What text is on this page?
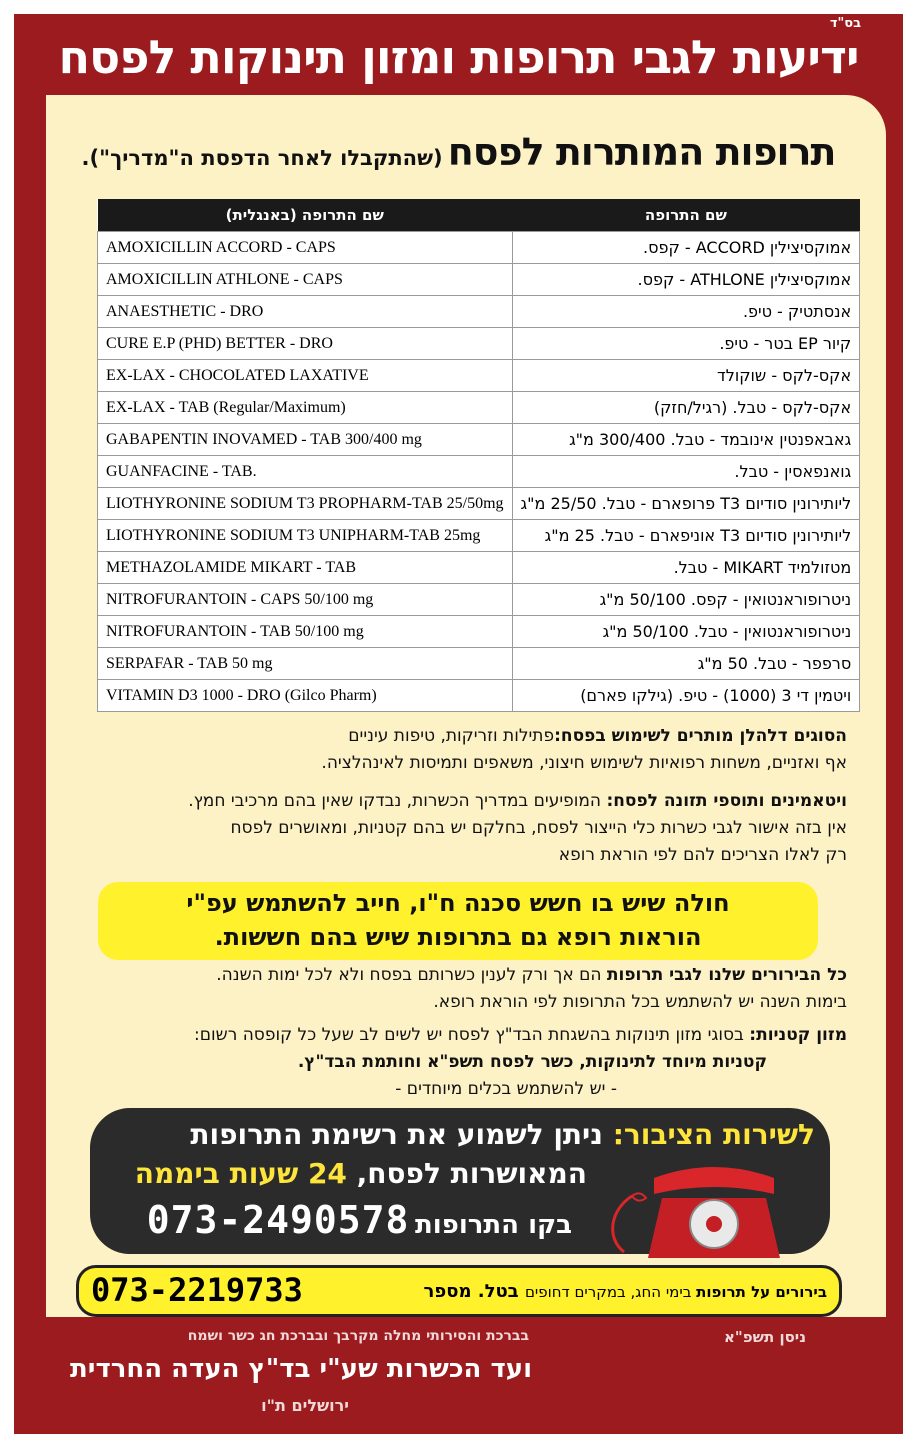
בס"ד
ידיעות לגבי תרופות ומזון תינוקות לפסח
תרופות המותרות לפסח (שהתקבלו לאחר הדפסת ה"מדריך").
שם התרופה (באנגלית)	שם התרופה
AMOXICILLIN ACCORD - CAPS	אמוקסיצילין ACCORD - קפס.
AMOXICILLIN ATHLONE - CAPS	אמוקסיצילין ATHLONE - קפס.
ANAESTHETIC - DRO	אנסתטיק - טיפ.
CURE E.P (PHD) BETTER - DRO	קיור EP בטר - טיפ.
EX-LAX - CHOCOLATED LAXATIVE	אקס-לקס - שוקולד
EX-LAX - TAB (Regular/Maximum)	אקס-לקס - טבל. (רגיל/חזק)
GABAPENTIN INOVAMED - TAB 300/400 mg	גאבאפנטין אינובמד - טבל. 300/400 מ"ג
GUANFACINE - TAB.	גואנפאסין - טבל.
LIOTHYRONINE SODIUM T3 PROPHARM-TAB 25/50mg	ליותירונין סודיום T3 פרופארם - טבל. 25/50 מ"ג
LIOTHYRONINE SODIUM T3 UNIPHARM-TAB 25mg	ליותירונין סודיום T3 אוניפארם - טבל. 25 מ"ג
METHAZOLAMIDE MIKART - TAB	מטזולמיד MIKART - טבל.
NITROFURANTOIN - CAPS 50/100 mg	ניטרופוראנטואין - קפס. 50/100 מ"ג
NITROFURANTOIN - TAB 50/100 mg	ניטרופוראנטואין - טבל. 50/100 מ"ג
SERPAFAR - TAB 50 mg	סרפפר - טבל. 50 מ"ג
VITAMIN D3 1000 - DRO (Gilco Pharm)	ויטמין די 3 (1000) - טיפ. (גילקו פארם)
הסוגים דלהלן מותרים לשימוש בפסח:פתילות וזריקות, טיפות עיניים
אף ואזניים, משחות רפואיות לשימוש חיצוני, משאפים ותמיסות לאינהלציה.
ויטאמינים ותוספי תזונה לפסח: המופיעים במדריך הכשרות, נבדקו שאין בהם מרכיבי חמץ.
אין בזה אישור לגבי כשרות כלי הייצור לפסח, בחלקם יש בהם קטניות, ומאושרים לפסח
רק לאלו הצריכים להם לפי הוראת רופא
חולה שיש בו חשש סכנה ח"ו, חייב להשתמש עפ"י
הוראות רופא גם בתרופות שיש בהם חששות.
כל הבירורים שלנו לגבי תרופות הם אך ורק לענין כשרותם בפסח ולא לכל ימות השנה.
בימות השנה יש להשתמש בכל התרופות לפי הוראת רופא.
מזון קטניות: בסוגי מזון תינוקות בהשגחת הבד"ץ לפסח יש לשים לב שעל כל קופסה רשום:
קטניות מיוחד לתינוקות, כשר לפסח תשפ"א וחותמת הבד"ץ.
- יש להשתמש בכלים מיוחדים -
לשירות הציבור: ניתן לשמוע את רשימת התרופות
המאושרות לפסח, 24 שעות ביממה
בקו התרופות 073-2490578
בירורים על תרופות בימי החג, במקרים דחופים בטל. מספר
073-2219733
ניסן תשפ"א
בברכת והסירותי מחלה מקרבך ובברכת חג כשר ושמח
ועד הכשרות שע"י בד"ץ העדה החרדית
ירושלים ת"ו
